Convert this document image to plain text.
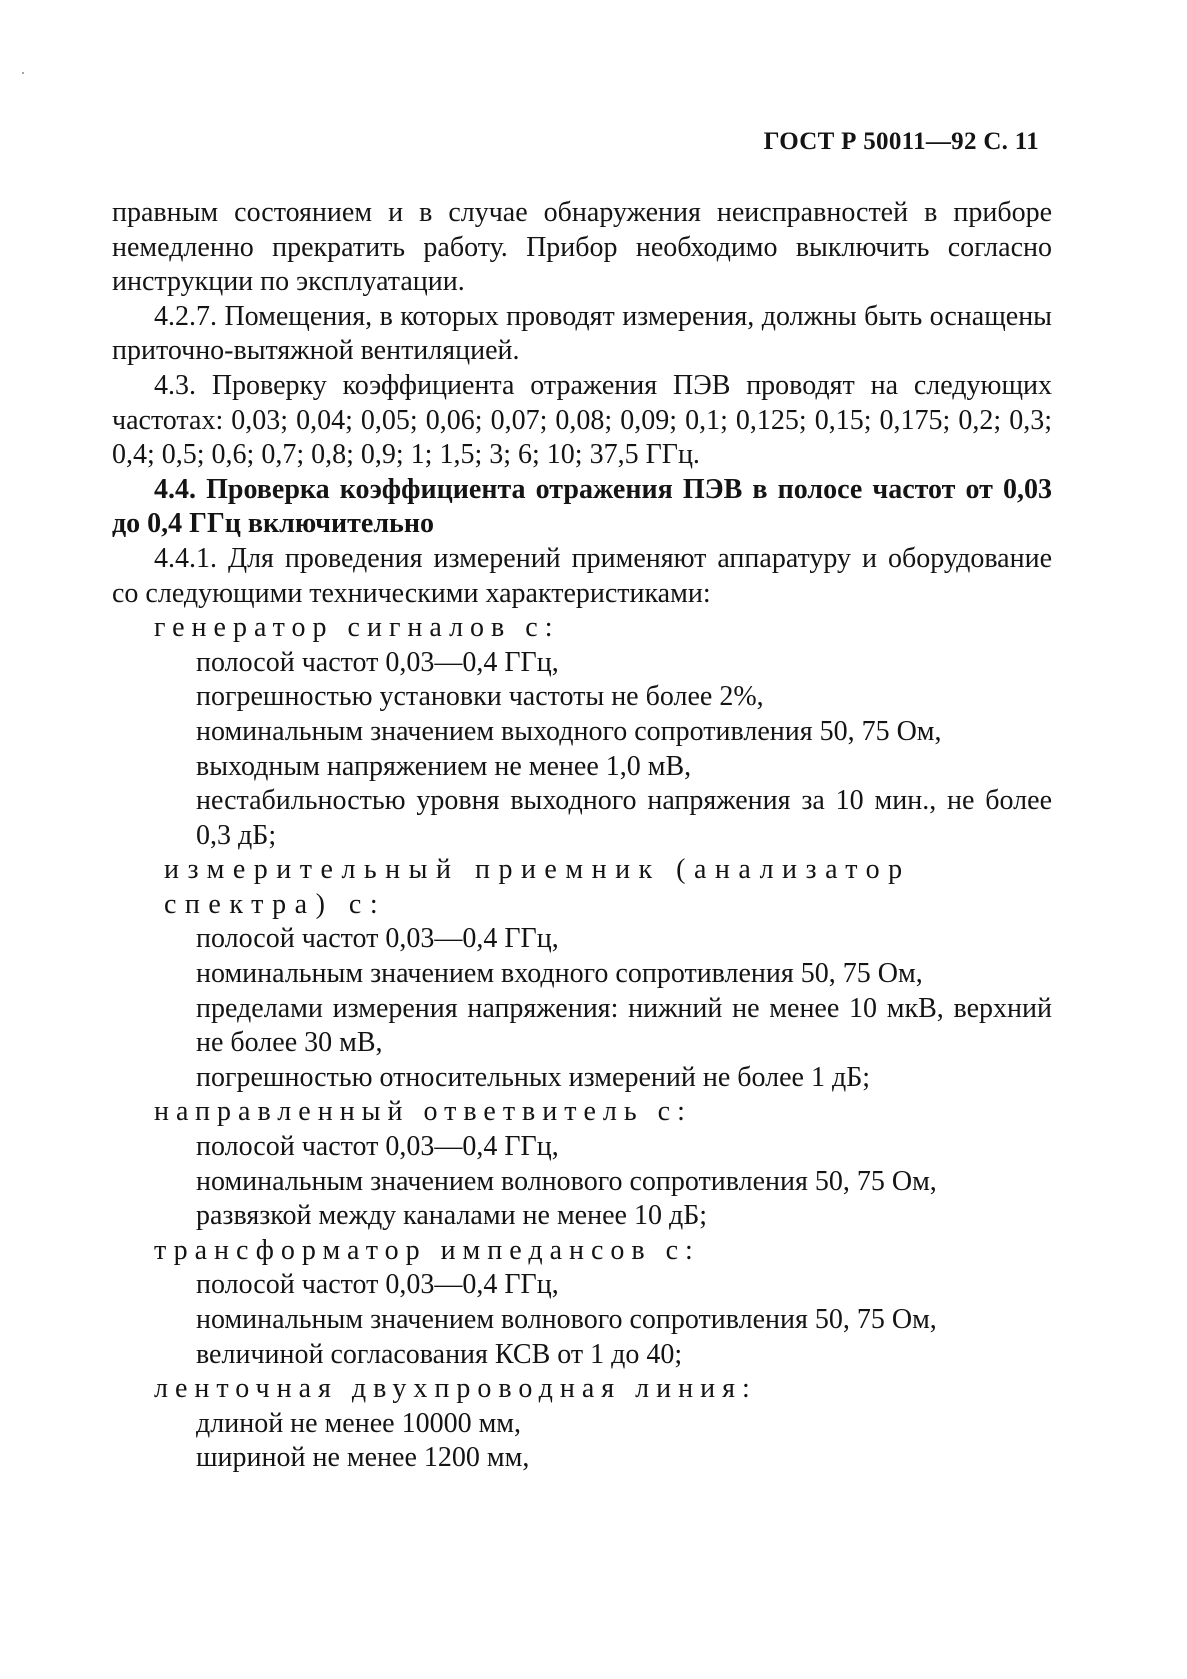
ГОСТ Р 50011—92 С. 11

правным состоянием и в случае обнаружения неисправностей в приборе немедленно прекратить работу. Прибор необходимо выключить согласно инструкции по эксплуатации.

4.2.7. Помещения, в которых проводят измерения, должны быть оснащены приточно-вытяжной вентиляцией.

4.3. Проверку коэффициента отражения ПЭВ проводят на следующих частотах: 0,03; 0,04; 0,05; 0,06; 0,07; 0,08; 0,09; 0,1; 0,125; 0,15; 0,175; 0,2; 0,3; 0,4; 0,5; 0,6; 0,7; 0,8; 0,9; 1; 1,5; 3; 6; 10; 37,5 ГГц.

4.4. Проверка коэффициента отражения ПЭВ в полосе частот от 0,03 до 0,4 ГГц включительно

4.4.1. Для проведения измерений применяют аппаратуру и оборудование со следующими техническими характеристиками:

генератор сигналов с:

полосой частот 0,03—0,4 ГГц,

погрешностью установки частоты не более 2%,

номинальным значением выходного сопротивления 50, 75 Ом,

выходным напряжением не менее 1,0 мВ,

нестабильностью уровня выходного напряжения за 10 мин., не более 0,3 дБ;

измерительный приемник (анализатор спектра) с:

полосой частот 0,03—0,4 ГГц,

номинальным значением входного сопротивления 50, 75 Ом,

пределами измерения напряжения: нижний не менее 10 мкВ, верхний не более 30 мВ,

погрешностью относительных измерений не более 1 дБ;

направленный ответвитель с:

полосой частот 0,03—0,4 ГГц,

номинальным значением волнового сопротивления 50, 75 Ом,

развязкой между каналами не менее 10 дБ;

трансформатор импедансов с:

полосой частот 0,03—0,4 ГГц,

номинальным значением волнового сопротивления 50, 75 Ом,

величиной согласования КСВ от 1 до 40;

ленточная двухпроводная линия:

длиной не менее 10000 мм,

шириной не менее 1200 мм,
